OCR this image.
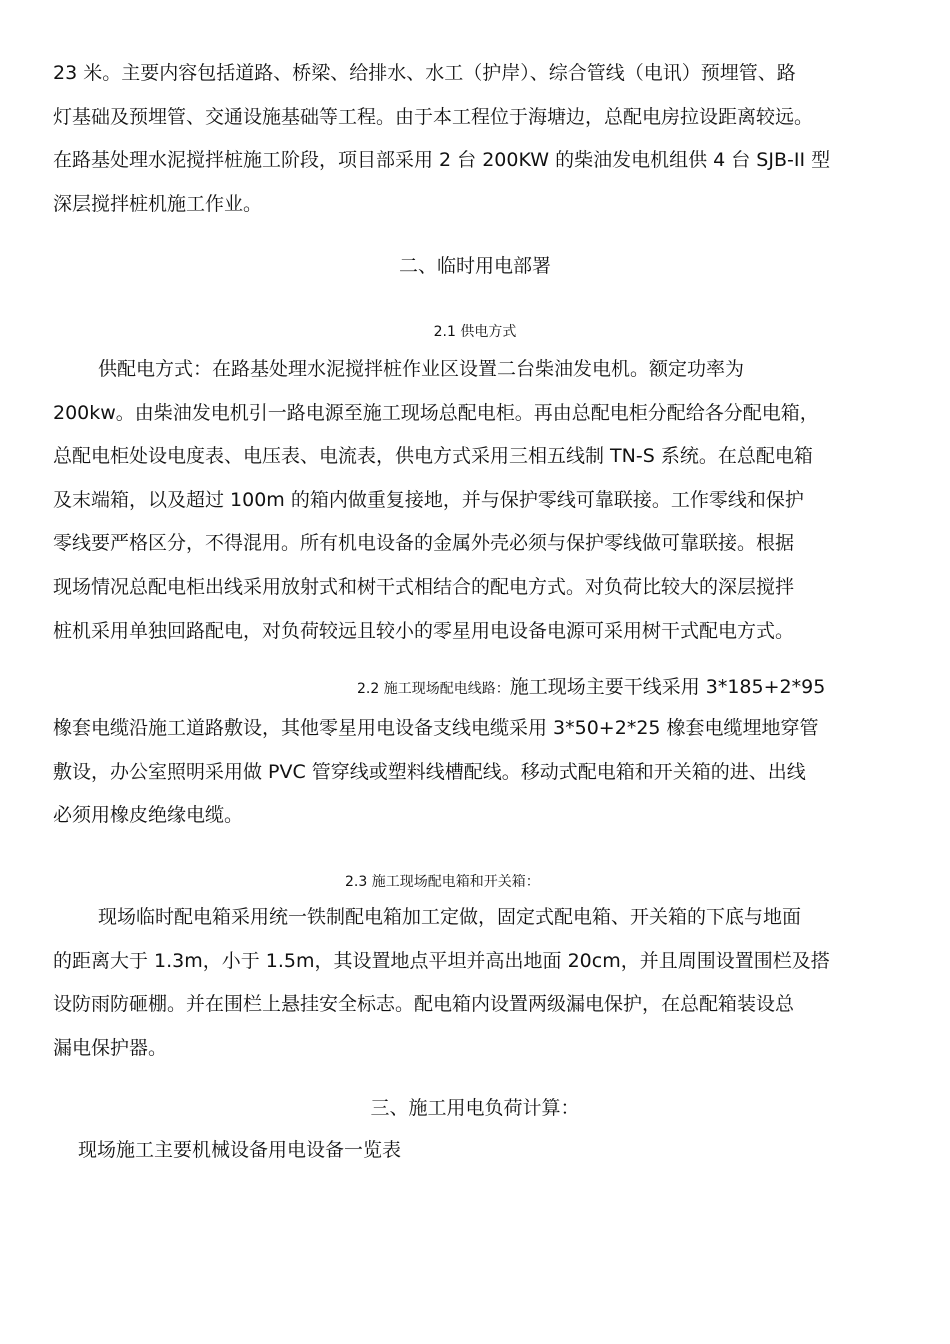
23 米。主要内容包括道路、桥梁、给排水、水工（护岸）、综合管线（电讯）预埋管、路
灯基础及预埋管、交通设施基础等工程。由于本工程位于海塘边，总配电房拉设距离较远。
在路基处理水泥搅拌桩施工阶段，项目部采用 2 台 200KW 的柴油发电机组供 4 台 SJB-II 型
深层搅拌桩机施工作业。
二、临时用电部署
2.1 供电方式
供配电方式：在路基处理水泥搅拌桩作业区设置二台柴油发电机。额定功率为
200kw。由柴油发电机引一路电源至施工现场总配电柜。再由总配电柜分配给各分配电箱，
总配电柜处设电度表、电压表、电流表，供电方式采用三相五线制 TN-S 系统。在总配电箱
及末端箱，以及超过 100m 的箱内做重复接地，并与保护零线可靠联接。工作零线和保护
零线要严格区分，不得混用。所有机电设备的金属外壳必须与保护零线做可靠联接。根据
现场情况总配电柜出线采用放射式和树干式相结合的配电方式。对负荷比较大的深层搅拌
桩机采用单独回路配电，对负荷较远且较小的零星用电设备电源可采用树干式配电方式。
2.2 施工现场配电线路：施工现场主要干线采用 3*185+2*95
橡套电缆沿施工道路敷设，其他零星用电设备支线电缆采用 3*50+2*25 橡套电缆埋地穿管
敷设，办公室照明采用做 PVC 管穿线或塑料线槽配线。移动式配电箱和开关箱的进、出线
必须用橡皮绝缘电缆。
2.3 施工现场配电箱和开关箱：
现场临时配电箱采用统一铁制配电箱加工定做，固定式配电箱、开关箱的下底与地面
的距离大于 1.3m，小于 1.5m，其设置地点平坦并高出地面 20cm，并且周围设置围栏及搭
设防雨防砸棚。并在围栏上悬挂安全标志。配电箱内设置两级漏电保护，在总配箱装设总
漏电保护器。
三、施工用电负荷计算：

现场施工主要机械设备用电设备一览表
